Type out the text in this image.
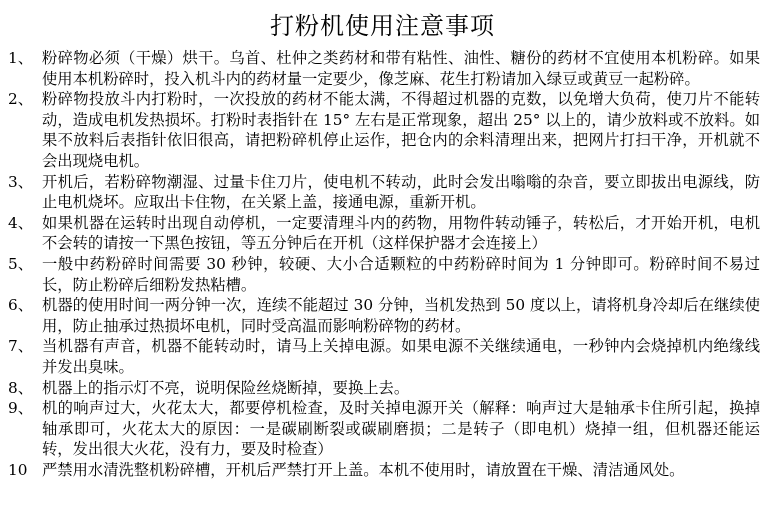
打粉机使用注意事项
1、 粉碎物必须（干燥）烘干。乌首、杜仲之类药材和带有粘性、油性、糖份的药材不宜使用本机粉碎。如果使用本机粉碎时，投入机斗内的药材量一定要少，像芝麻、花生打粉请加入绿豆或黄豆一起粉碎。
2、 粉碎物投放斗内打粉时，一次投放的药材不能太满，不得超过机器的克数，以免增大负荷，使刀片不能转动，造成电机发热损坏。打粉时表指针在 15° 左右是正常现象，超出 25° 以上的，请少放料或不放料。如果不放料后表指针依旧很高，请把粉碎机停止运作，把仓内的余料清理出来，把网片打扫干净，开机就不会出现烧电机。
3、 开机后，若粉碎物潮湿、过量卡住刀片，使电机不转动，此时会发出嗡嗡的杂音，要立即拔出电源线，防止电机烧坏。应取出卡住物，在关紧上盖，接通电源，重新开机。
4、 如果机器在运转时出现自动停机，一定要清理斗内的药物，用物件转动锤子，转松后，才开始开机，电机不会转的请按一下黑色按钮，等五分钟后在开机（这样保护器才会连接上）
5、 一般中药粉碎时间需要 30 秒钟，较硬、大小合适颗粒的中药粉碎时间为 1 分钟即可。粉碎时间不易过长，防止粉碎后细粉发热粘槽。
6、 机器的使用时间一两分钟一次，连续不能超过 30 分钟，当机发热到 50 度以上，请将机身冷却后在继续使用，防止抽承过热损坏电机，同时受高温而影响粉碎物的药材。
7、 当机器有声音，机器不能转动时，请马上关掉电源。如果电源不关继续通电，一秒钟内会烧掉机内绝缘线并发出臭味。
8、 机器上的指示灯不亮，说明保险丝烧断掉，要换上去。
9、 机的响声过大，火花太大，都要停机检查，及时关掉电源开关（解释：响声过大是轴承卡住所引起，换掉轴承即可，火花太大的原因：一是碳刷断裂或碳刷磨损；二是转子（即电机）烧掉一组，但机器还能运转，发出很大火花，没有力，要及时检查）
10 严禁用水清洗整机粉碎槽，开机后严禁打开上盖。本机不使用时，请放置在干燥、清洁通风处。
